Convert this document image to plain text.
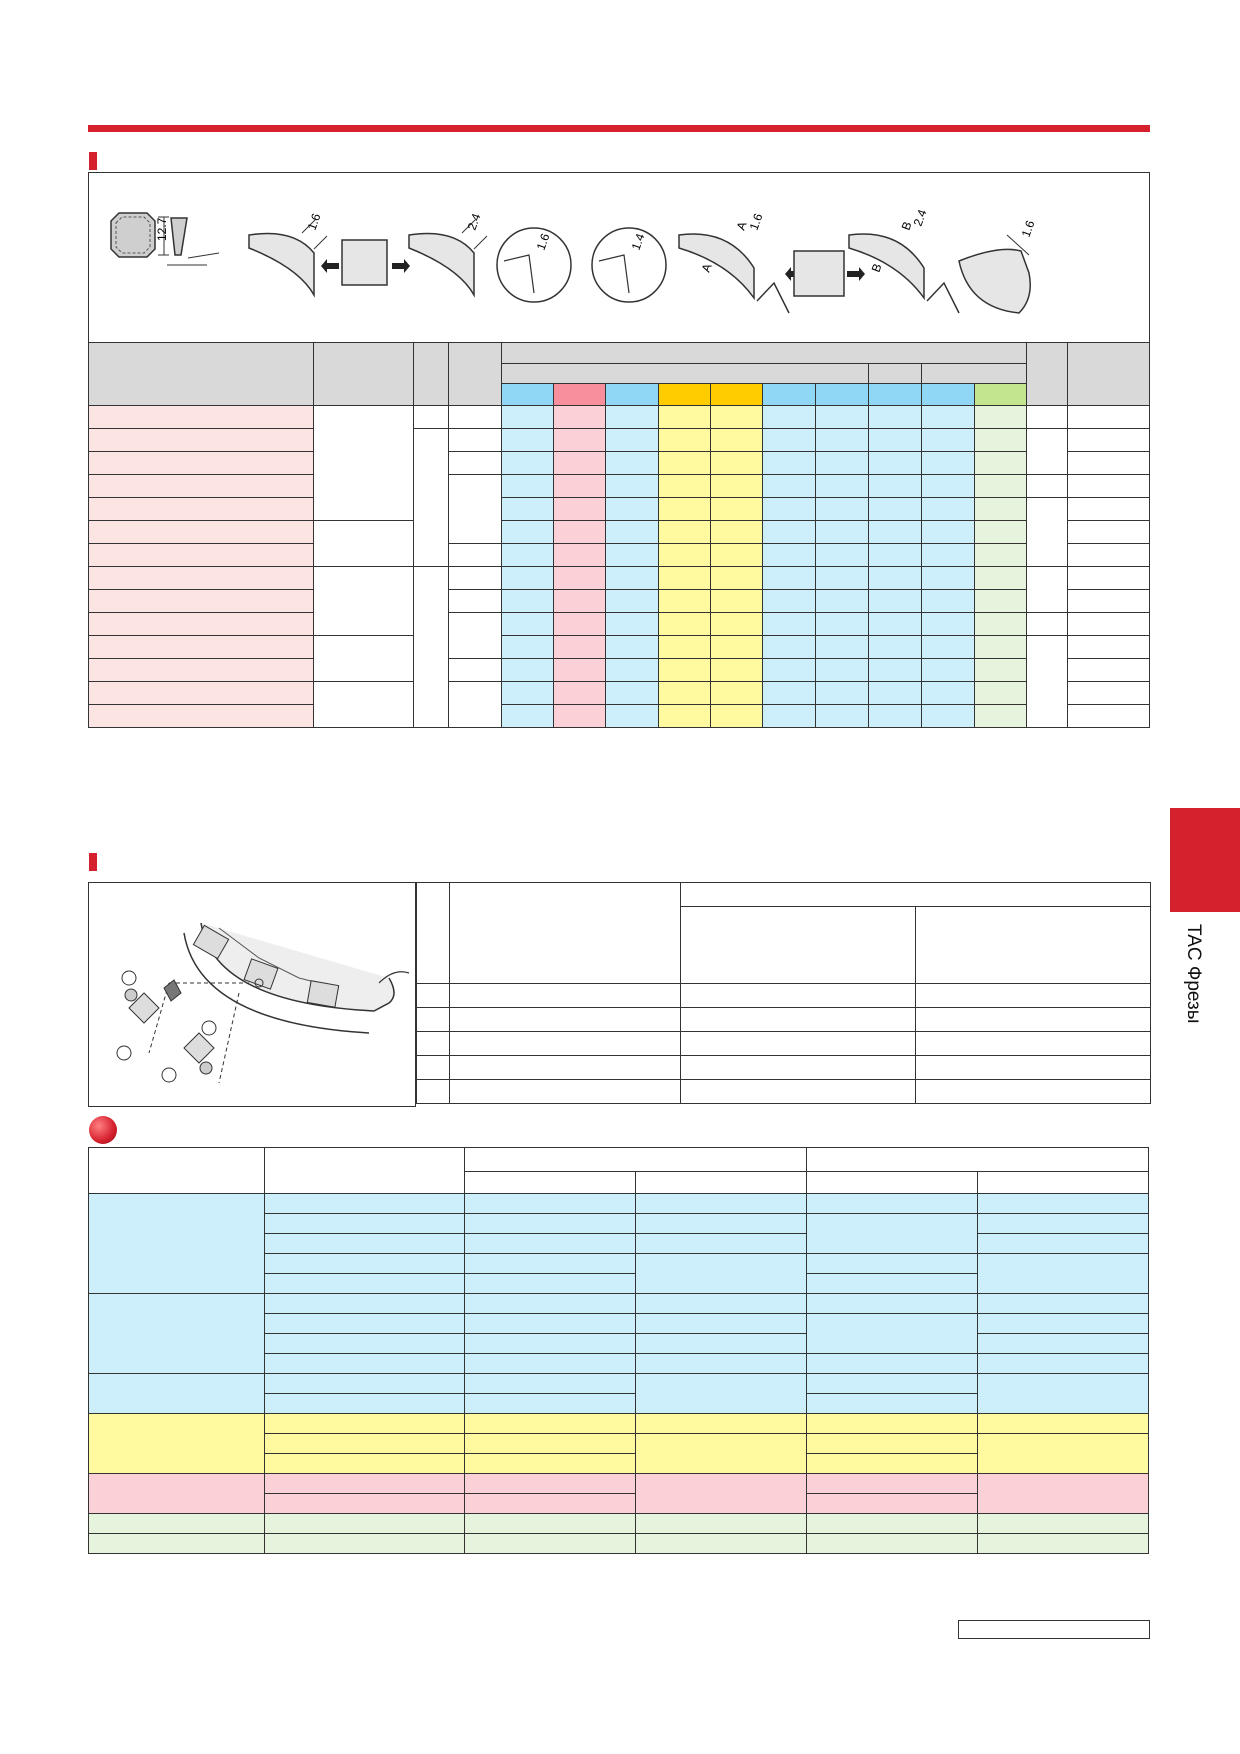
12.7	1.6	2.4
1.6	1.4
A
A
1.6
B
B
2.4
1.6

TAC Фрезы
